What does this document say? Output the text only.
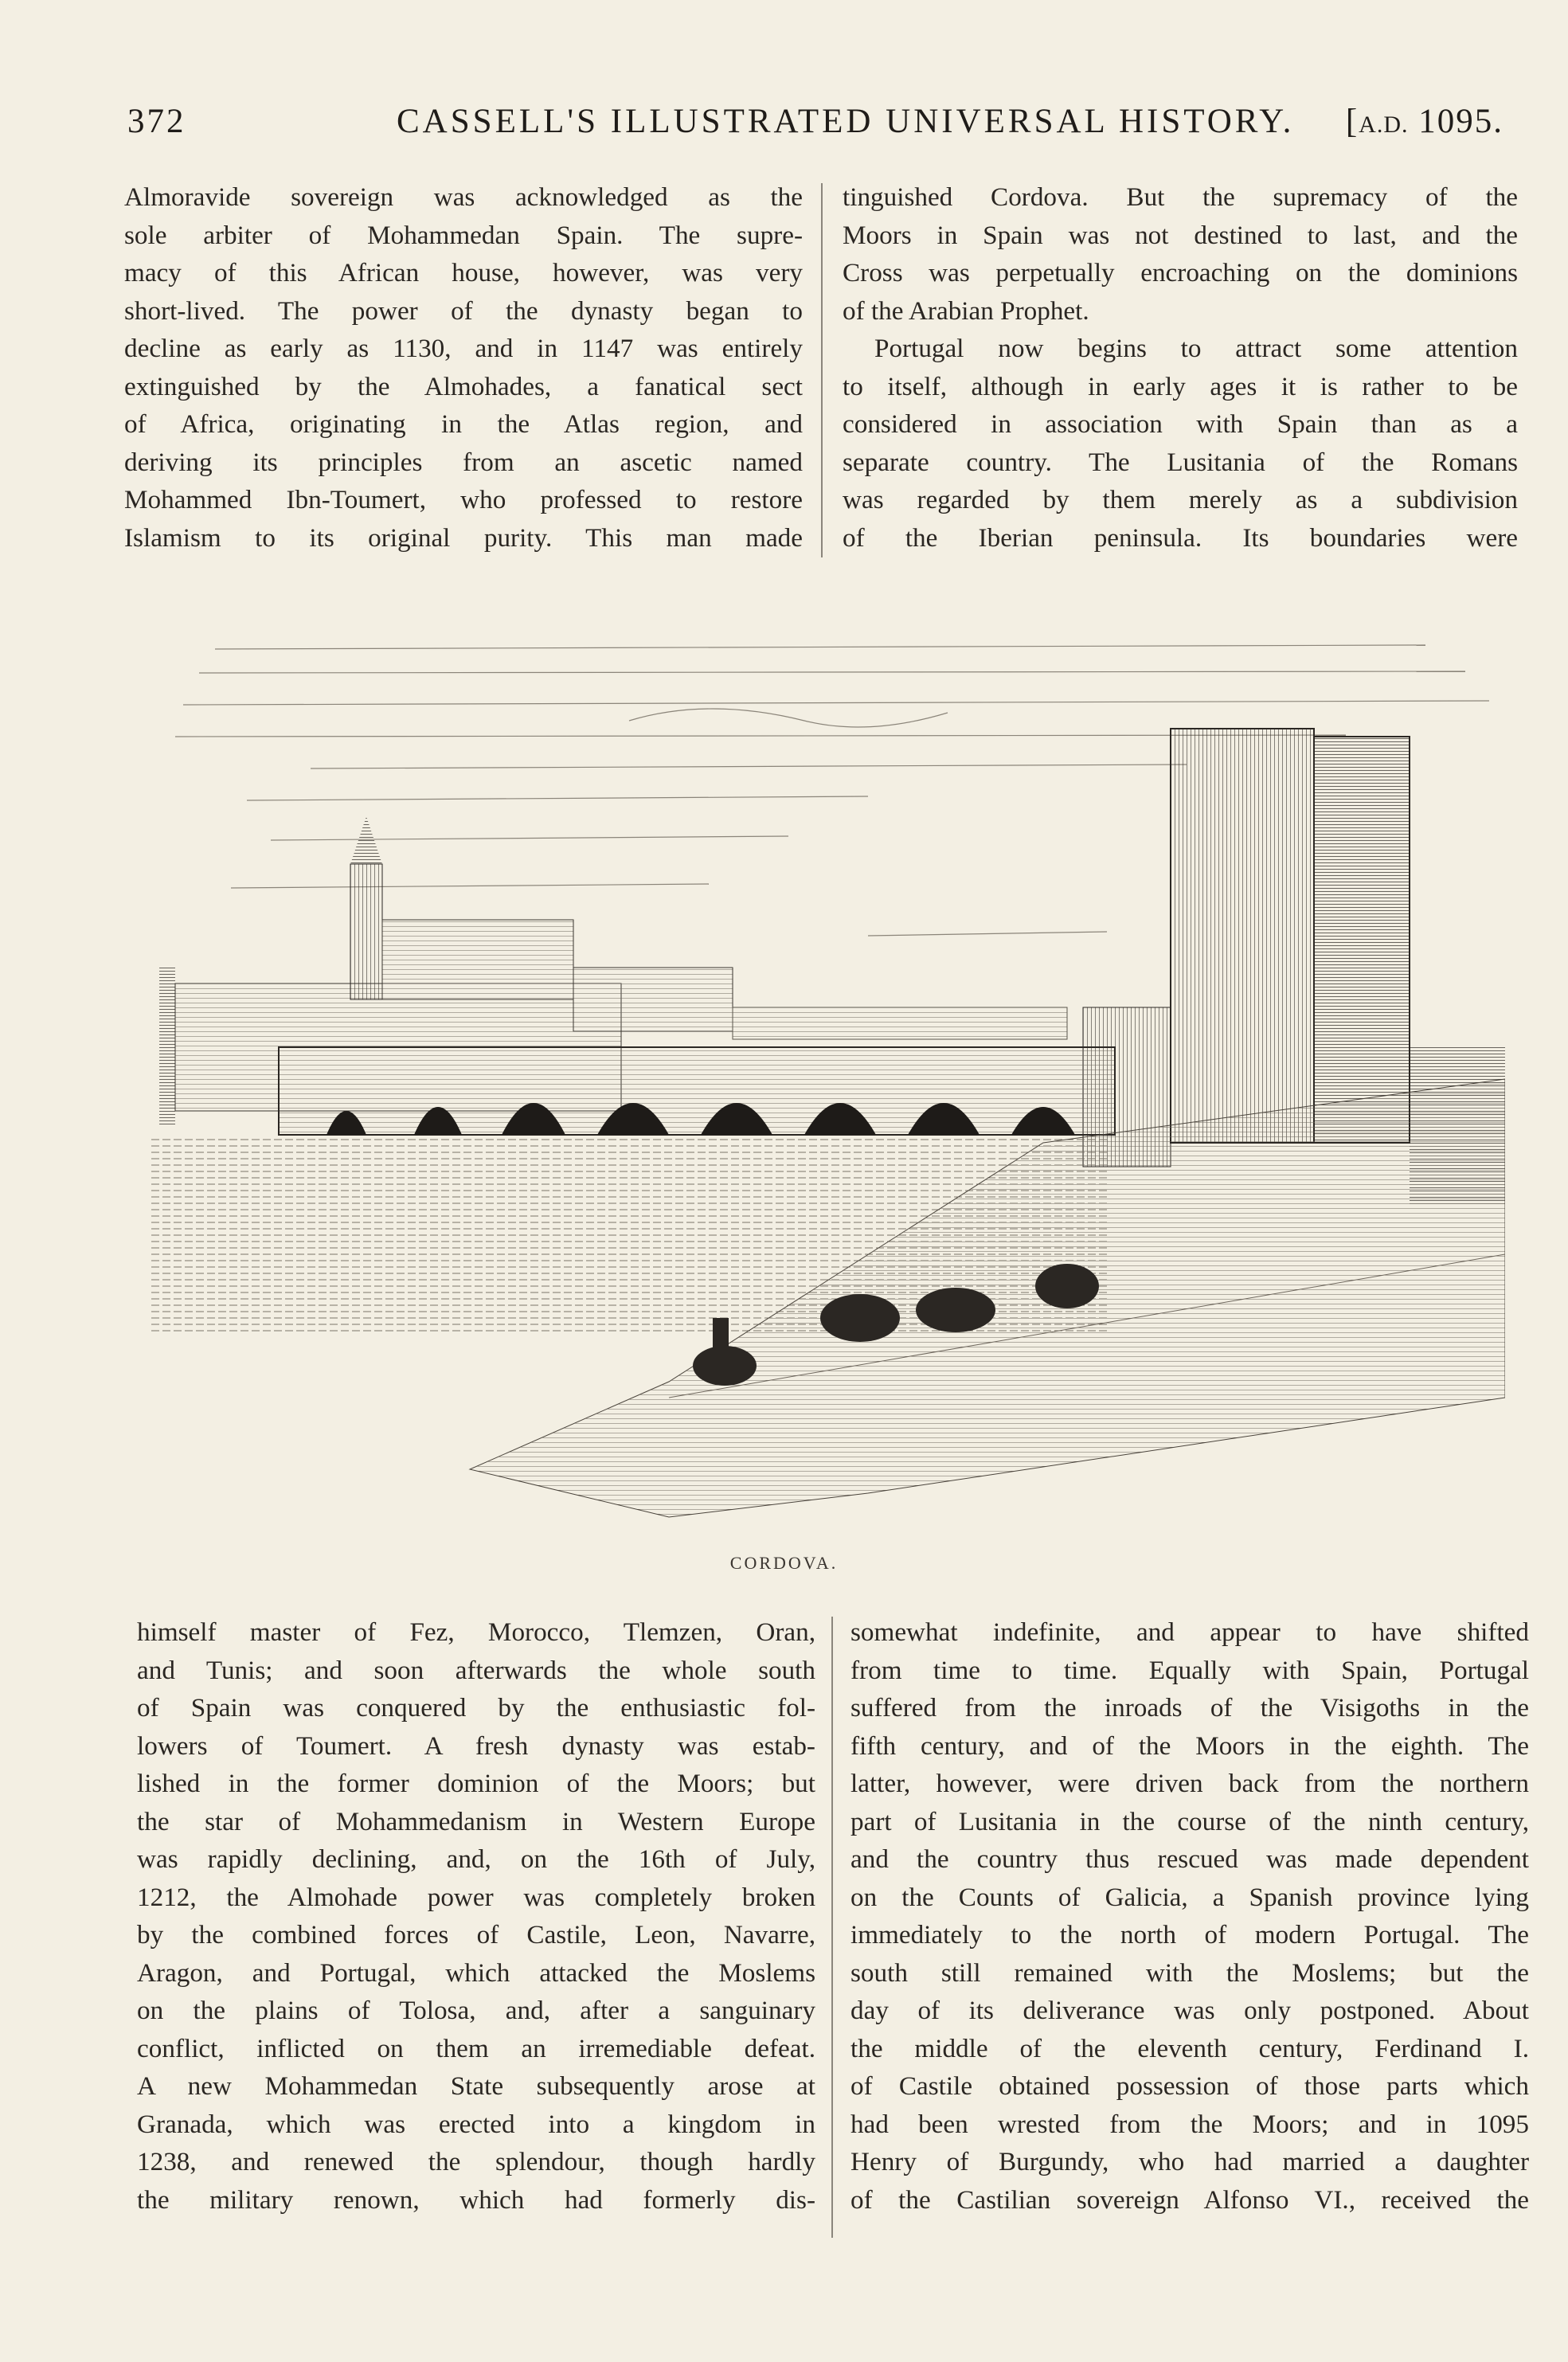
372	CASSELL'S ILLUSTRATED UNIVERSAL HISTORY. [A.D. 1095.
Almoravide sovereign was acknowledged as the
sole arbiter of Mohammedan Spain. The supre-
macy of this African house, however, was very
short-lived. The power of the dynasty began to
decline as early as 1130, and in 1147 was entirely
extinguished by the Almohades, a fanatical sect
of Africa, originating in the Atlas region, and
deriving its principles from an ascetic named
Mohammed Ibn-Toumert, who professed to restore
Islamism to its original purity. This man made
tinguished Cordova. But the supremacy of the
Moors in Spain was not destined to last, and the
Cross was perpetually encroaching on the dominions
of the Arabian Prophet.
Portugal now begins to attract some attention
to itself, although in early ages it is rather to be
considered in association with Spain than as a
separate country. The Lusitania of the Romans
was regarded by them merely as a subdivision
of the Iberian peninsula. Its boundaries were
CORDOVA.
himself master of Fez, Morocco, Tlemzen, Oran,
and Tunis; and soon afterwards the whole south
of Spain was conquered by the enthusiastic fol-
lowers of Toumert. A fresh dynasty was estab-
lished in the former dominion of the Moors; but
the star of Mohammedanism in Western Europe
was rapidly declining, and, on the 16th of July,
1212, the Almohade power was completely broken
by the combined forces of Castile, Leon, Navarre,
Aragon, and Portugal, which attacked the Moslems
on the plains of Tolosa, and, after a sanguinary
conflict, inflicted on them an irremediable defeat.
A new Mohammedan State subsequently arose at
Granada, which was erected into a kingdom in
1238, and renewed the splendour, though hardly
the military renown, which had formerly dis-
somewhat indefinite, and appear to have shifted
from time to time. Equally with Spain, Portugal
suffered from the inroads of the Visigoths in the
fifth century, and of the Moors in the eighth. The
latter, however, were driven back from the northern
part of Lusitania in the course of the ninth century,
and the country thus rescued was made dependent
on the Counts of Galicia, a Spanish province lying
immediately to the north of modern Portugal. The
south still remained with the Moslems; but the
day of its deliverance was only postponed. About
the middle of the eleventh century, Ferdinand I.
of Castile obtained possession of those parts which
had been wrested from the Moors; and in 1095
Henry of Burgundy, who had married a daughter
of the Castilian sovereign Alfonso VI., received the
